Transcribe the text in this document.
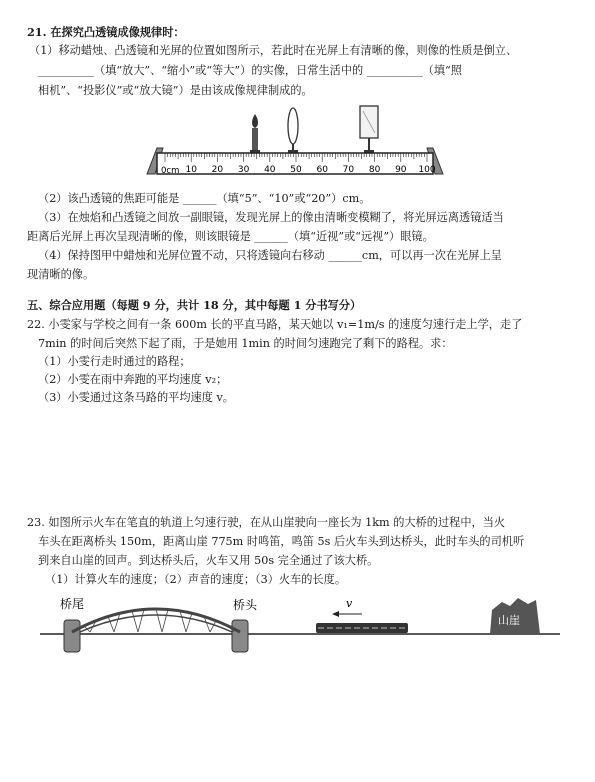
21. 在探究凸透镜成像规律时：
（1）移动蜡烛、凸透镜和光屏的位置如图所示，若此时在光屏上有清晰的像，则像的性质是倒立、
__________（填“放大”、“缩小”或“等大”）的实像，日常生活中的 __________（填“照
相机”、“投影仪”或“放大镜”）是由该成像规律制成的。
0cm 10 20 30 40 50 60 70 80 90 100
（2）该凸透镜的焦距可能是 ______（填“5”、“10”或“20”）cm。
（3）在烛焰和凸透镜之间放一副眼镜，发现光屏上的像由清晰变模糊了，将光屏远离透镜适当
距离后光屏上再次呈现清晰的像，则该眼镜是 ______（填“近视”或“远视”）眼镜。
（4）保持图甲中蜡烛和光屏位置不动，只将透镜向右移动 ______cm，可以再一次在光屏上呈
现清晰的像。
五、综合应用题（每题 9 分，共计 18 分，其中每题 1 分书写分）
22. 小雯家与学校之间有一条 600m 长的平直马路，某天她以 v₁=1m/s 的速度匀速行走上学，走了
7min 的时间后突然下起了雨，于是她用 1min 的时间匀速跑完了剩下的路程。求：
（1）小雯行走时通过的路程；
（2）小雯在雨中奔跑的平均速度 v₂；
（3）小雯通过这条马路的平均速度 v。
23. 如图所示火车在笔直的轨道上匀速行驶，在从山崖驶向一座长为 1km 的大桥的过程中，当火
车头在距离桥头 150m，距离山崖 775m 时鸣笛，鸣笛 5s 后火车头到达桥头，此时车头的司机听
到来自山崖的回声。到达桥头后，火车又用 50s 完全通过了该大桥。
（1）计算火车的速度；（2）声音的速度；（3）火车的长度。
桥尾	桥头	v
山崖
